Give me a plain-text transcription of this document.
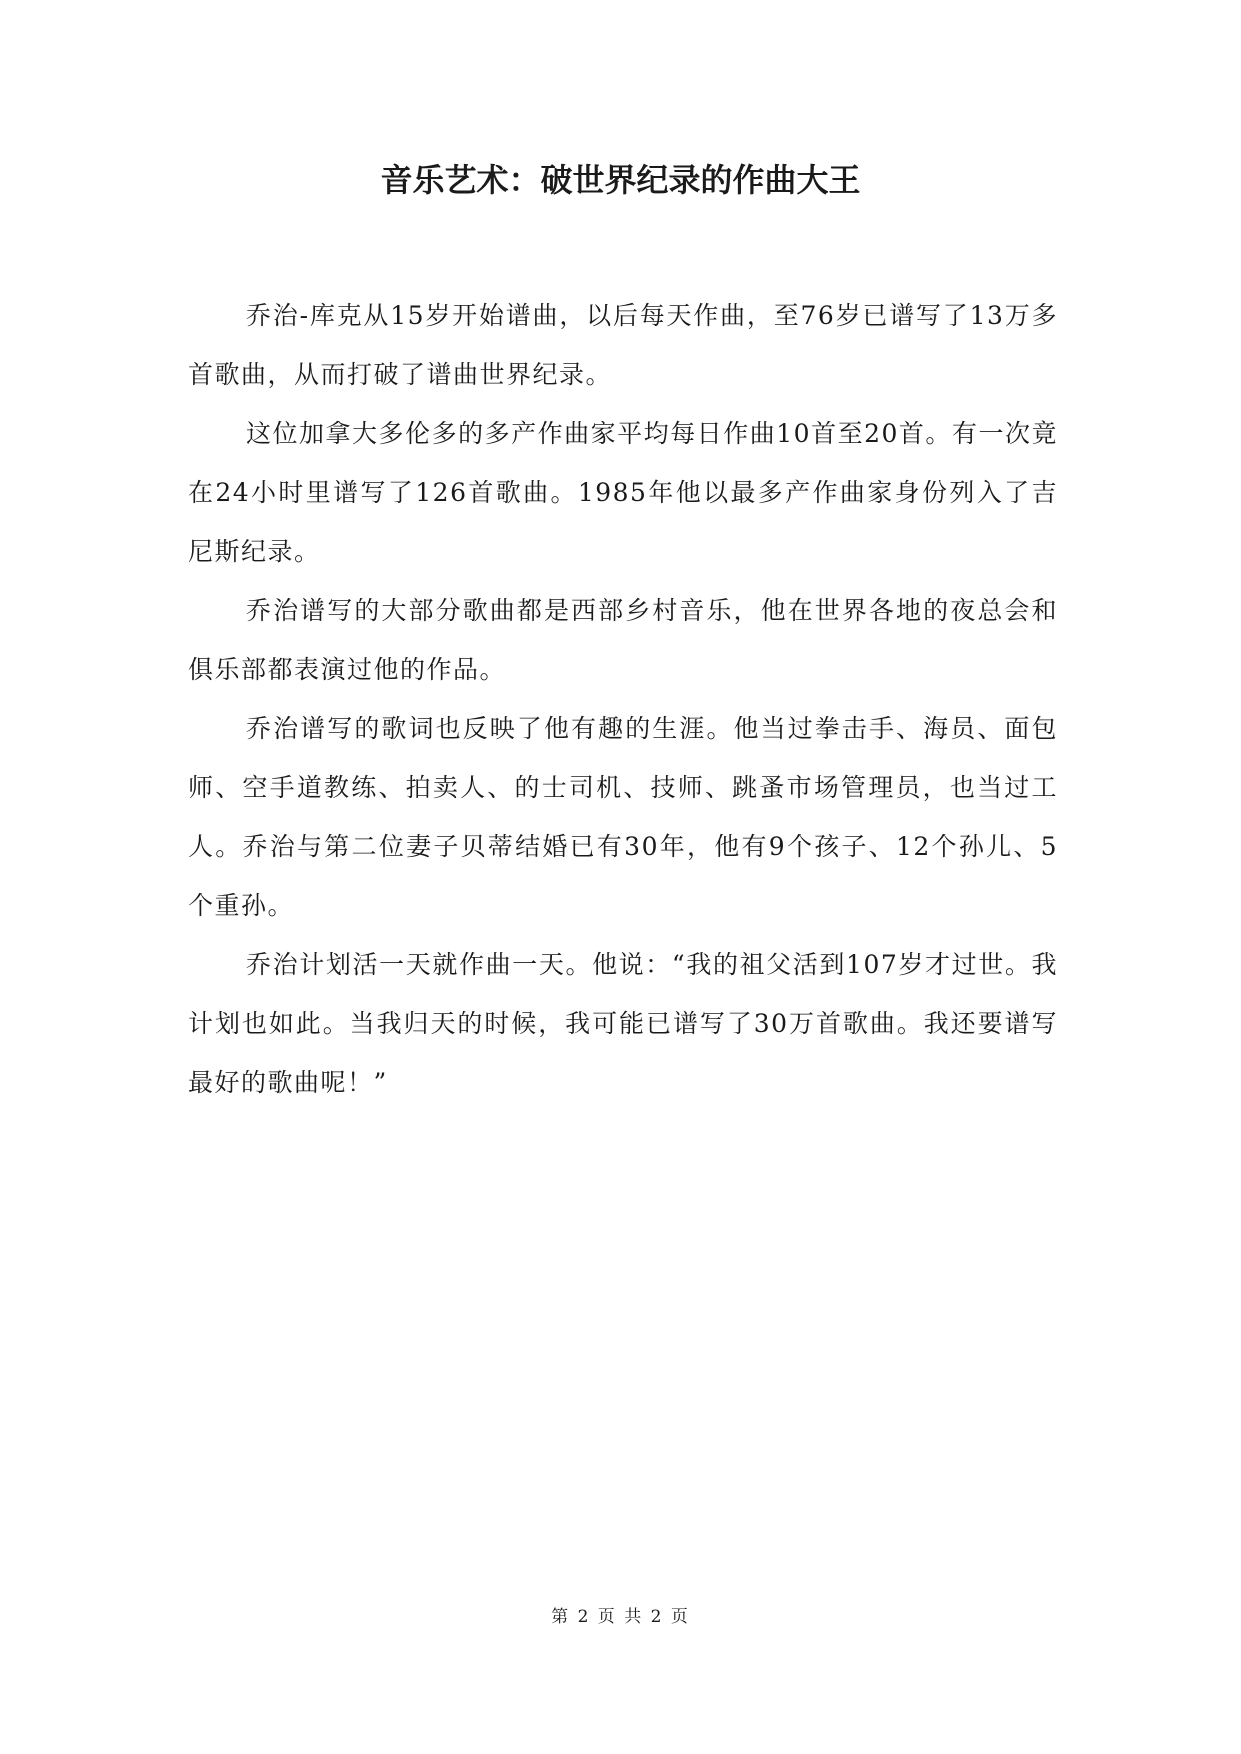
音乐艺术：破世界纪录的作曲大王

乔治-库克从15岁开始谱曲，以后每天作曲，至76岁已谱写了13万多首歌曲，从而打破了谱曲世界纪录。

这位加拿大多伦多的多产作曲家平均每日作曲10首至20首。有一次竟在24小时里谱写了126首歌曲。1985年他以最多产作曲家身份列入了吉尼斯纪录。

乔治谱写的大部分歌曲都是西部乡村音乐，他在世界各地的夜总会和俱乐部都表演过他的作品。

乔治谱写的歌词也反映了他有趣的生涯。他当过拳击手、海员、面包师、空手道教练、拍卖人、的士司机、技师、跳蚤市场管理员，也当过工人。乔治与第二位妻子贝蒂结婚已有30年，他有9个孩子、12个孙儿、5个重孙。

乔治计划活一天就作曲一天。他说：“我的祖父活到107岁才过世。我计划也如此。当我归天的时候，我可能已谱写了30万首歌曲。我还要谱写最好的歌曲呢！”

第 2 页 共 2 页
